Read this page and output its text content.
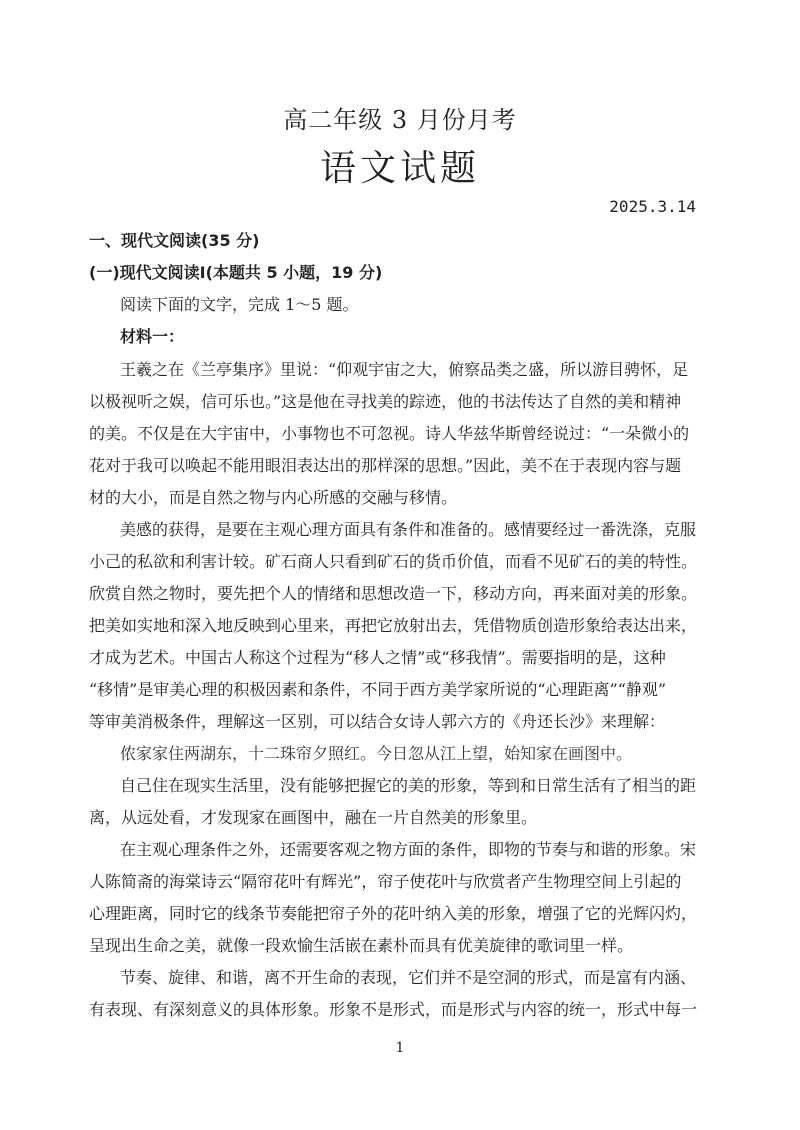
高二年级 3 月份月考
语文试题
2025.3.14
一、现代文阅读(35 分)
(一)现代文阅读Ⅰ(本题共 5 小题，19 分)
阅读下面的文字，完成 1～5 题。
材料一：
王羲之在《兰亭集序》里说：“仰观宇宙之大，俯察品类之盛，所以游目骋怀，足
以极视听之娱，信可乐也。”这是他在寻找美的踪迹，他的书法传达了自然的美和精神
的美。不仅是在大宇宙中，小事物也不可忽视。诗人华兹华斯曾经说过：“一朵微小的
花对于我可以唤起不能用眼泪表达出的那样深的思想。”因此，美不在于表现内容与题
材的大小，而是自然之物与内心所感的交融与移情。
美感的获得，是要在主观心理方面具有条件和准备的。感情要经过一番洗涤，克服
小己的私欲和利害计较。矿石商人只看到矿石的货币价值，而看不见矿石的美的特性。
欣赏自然之物时，要先把个人的情绪和思想改造一下，移动方向，再来面对美的形象。
把美如实地和深入地反映到心里来，再把它放射出去，凭借物质创造形象给表达出来，
才成为艺术。中国古人称这个过程为“移人之情”或“移我情”。需要指明的是，这种
“移情”是审美心理的积极因素和条件，不同于西方美学家所说的“心理距离”“静观”
等审美消极条件，理解这一区别，可以结合女诗人郭六方的《舟还长沙》来理解：
侬家家住两湖东，十二珠帘夕照红。今日忽从江上望，始知家在画图中。
自己住在现实生活里，没有能够把握它的美的形象，等到和日常生活有了相当的距
离，从远处看，才发现家在画图中，融在一片自然美的形象里。
在主观心理条件之外，还需要客观之物方面的条件，即物的节奏与和谐的形象。宋
人陈简斋的海棠诗云“隔帘花叶有辉光”，帘子使花叶与欣赏者产生物理空间上引起的
心理距离，同时它的线条节奏能把帘子外的花叶纳入美的形象，增强了它的光辉闪灼，
呈现出生命之美，就像一段欢愉生活嵌在素朴而具有优美旋律的歌词里一样。
节奏、旋律、和谐，离不开生命的表现，它们并不是空洞的形式，而是富有内涵、
有表现、有深刻意义的具体形象。形象不是形式，而是形式与内容的统一，形式中每一
1
